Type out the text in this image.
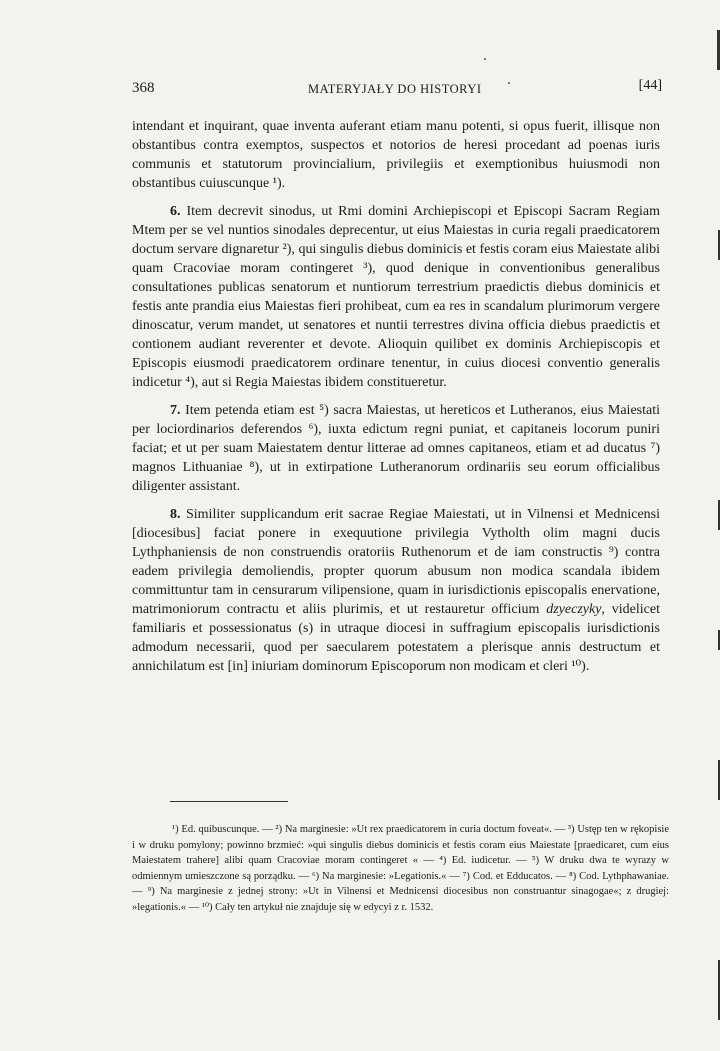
368	MATERYJAŁY DO HISTORYI	[44]

intendant et inquirant, quae inventa auferant etiam manu potenti, si opus fuerit, illisque non obstantibus contra exemptos, suspectos et notorios de heresi procedant ad poenas iuris communis et statutorum provincialium, privilegiis et exemptionibus huiusmodi non obstantibus cuiuscunque ¹).

6. Item decrevit sinodus, ut Rmi domini Archiepiscopi et Episcopi Sacram Regiam Mtem per se vel nuntios sinodales deprecentur, ut eius Maiestas in curia regali praedicatorem doctum servare dignaretur ²), qui singulis diebus dominicis et festis coram eius Maiestate alibi quam Cracoviae moram contingeret ³), quod denique in conventionibus generalibus consultationes publicas senatorum et nuntiorum terrestrium praedictis diebus dominicis et festis ante prandia eius Maiestas fieri prohibeat, cum ea res in scandalum plurimorum vergere dinoscatur, verum mandet, ut senatores et nuntii terrestres divina officia diebus praedictis et contionem audiant reverenter et devote. Alioquin quilibet ex dominis Archiepiscopis et Episcopis eiusmodi praedicatorem ordinare tenentur, in cuius diocesi conventio generalis indicetur ⁴), aut si Regia Maiestas ibidem constitueretur.

7. Item petenda etiam est ⁵) sacra Maiestas, ut hereticos et Lutheranos, eius Maiestati per lociordinarios deferendos ⁶), iuxta edictum regni puniat, et capitaneis locorum puniri faciat; et ut per suam Maiestatem dentur litterae ad omnes capitaneos, etiam et ad ducatus ⁷) magnos Lithuaniae ⁸), ut in extirpatione Lutheranorum ordinariis seu eorum officialibus diligenter assistant.

8. Similiter supplicandum erit sacrae Regiae Maiestati, ut in Vilnensi et Mednicensi [diocesibus] faciat ponere in exequutione privilegia Vytholth olim magni ducis Lythphaniensis de non construendis oratoriis Ruthenorum et de iam constructis ⁹) contra eadem privilegia demoliendis, propter quorum abusum non modica scandala ibidem committuntur tam in censurarum vilipensione, quam in iurisdictionis episcopalis enervatione, matrimoniorum contractu et aliis plurimis, et ut restauretur officium dzyeczyky, videlicet familiaris et possessionatus (s) in utraque diocesi in suffragium episcopalis iurisdictionis admodum necessarii, quod per saecularem potestatem a plerisque annis destructum et annichilatum est [in] iniuriam dominorum Episcoporum non modicam et cleri ¹⁰).

¹) Ed. quibuscunque. — ²) Na marginesie: »Ut rex praedicatorem in curia doctum foveat«. — ³) Ustęp ten w rękopisie i w druku pomylony; powinno brzmieć: »qui singulis diebus dominicis et festis coram eius Maiestate [praedicaret, cum eius Maiestatem trahere] alibi quam Cracoviae moram contingeret « — ⁴) Ed. iudicetur. — ⁵) W druku dwa te wyrazy w odmiennym umieszczone są porządku. — ⁶) Na marginesie: »Legationis.« — ⁷) Cod. et Edducatos. — ⁸) Cod. Lythphawaniae. — ⁹) Na marginesie z jednej strony: »Ut in Vilnensi et Mednicensi diocesibus non construantur sinagogae«; z drugiej: »legationis.« — ¹⁰) Cały ten artykuł nie znajduje się w edycyi z r. 1532.
